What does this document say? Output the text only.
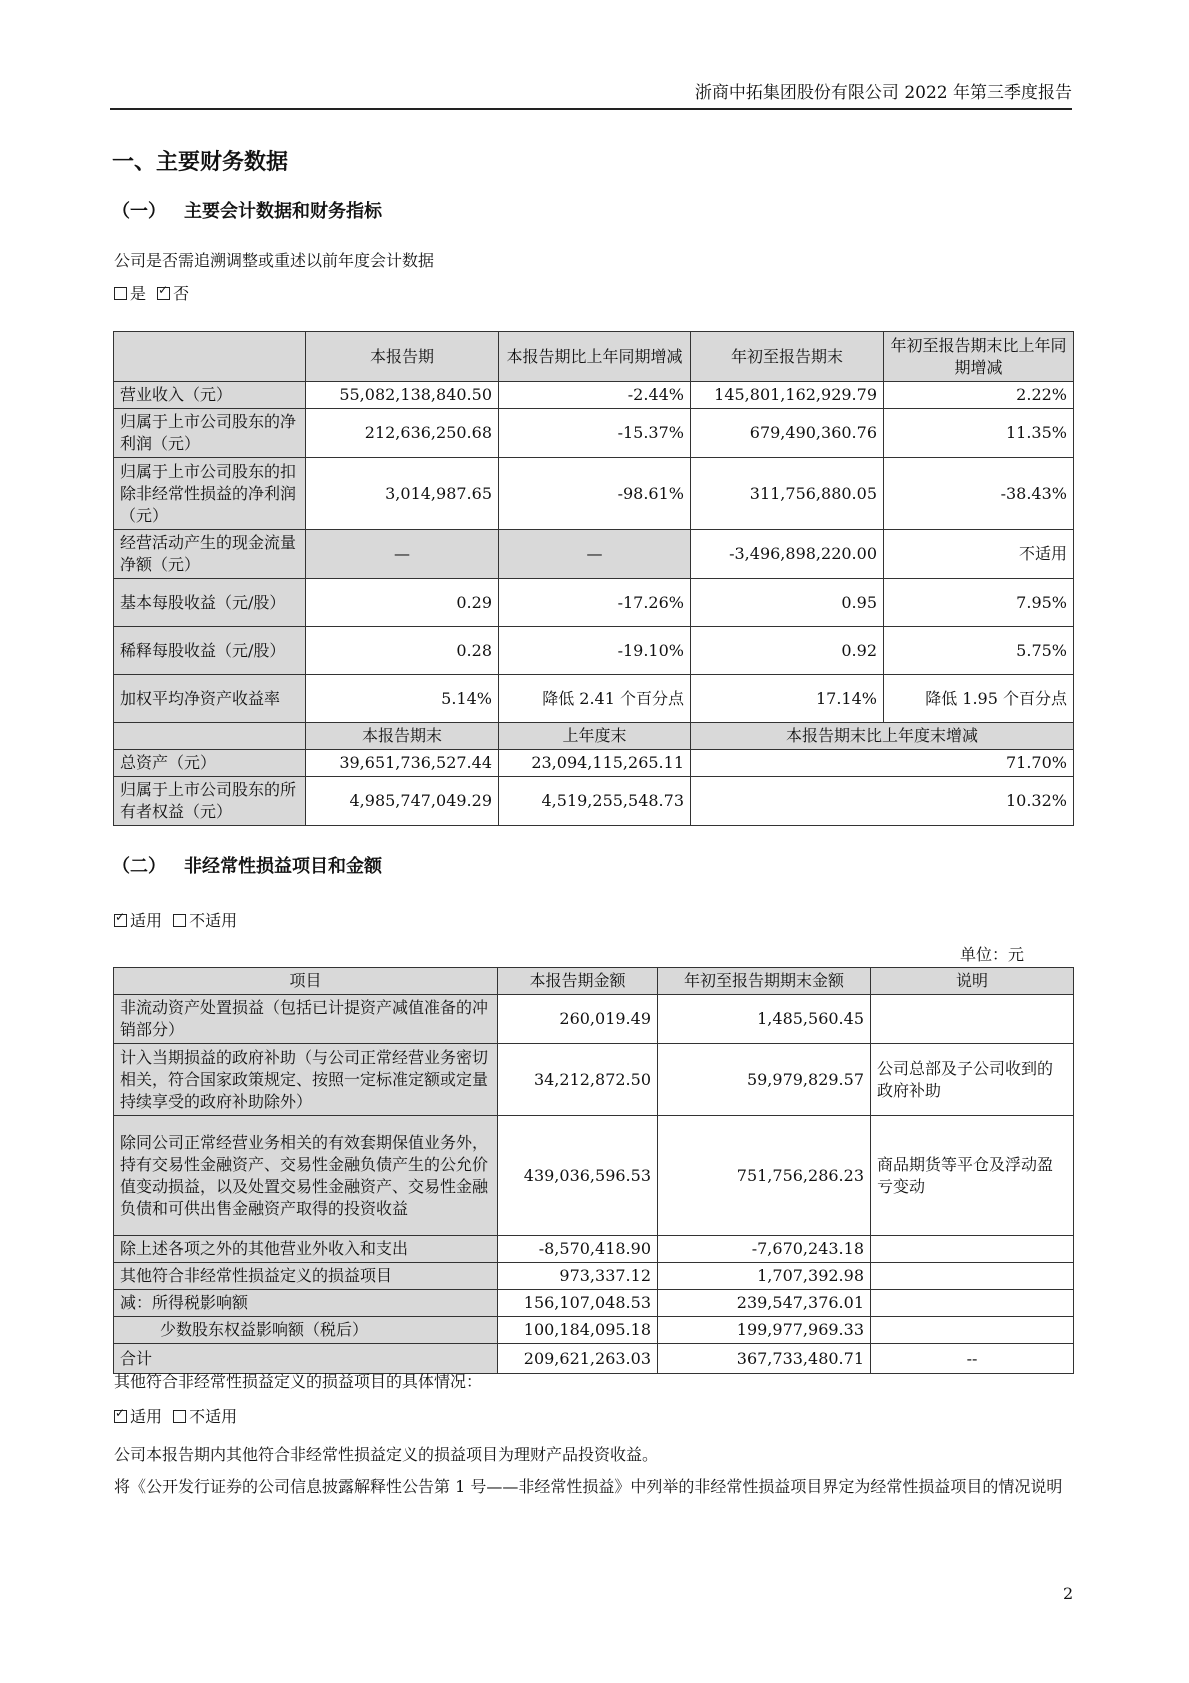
浙商中拓集团股份有限公司 2022 年第三季度报告
一、主要财务数据
（一） 主要会计数据和财务指标
公司是否需追溯调整或重述以前年度会计数据
是 ✓ 否
	本报告期	本报告期比上年同期增减	年初至报告期末	年初至报告期末比上年同期增减
营业收入（元）	55,082,138,840.50	-2.44%	145,801,162,929.79	2.22%
归属于上市公司股东的净利润（元）	212,636,250.68	-15.37%	679,490,360.76	11.35%
归属于上市公司股东的扣除非经常性损益的净利润（元）	3,014,987.65	-98.61%	311,756,880.05	-38.43%
经营活动产生的现金流量净额（元）	—	—	-3,496,898,220.00	不适用
基本每股收益（元/股）	0.29	-17.26%	0.95	7.95%
稀释每股收益（元/股）	0.28	-19.10%	0.92	5.75%
加权平均净资产收益率	5.14%	降低 2.41 个百分点	17.14%	降低 1.95 个百分点
	本报告期末	上年度末	本报告期末比上年度末增减	
总资产（元）	39,651,736,527.44	23,094,115,265.11	71.70%	
归属于上市公司股东的所有者权益（元）	4,985,747,049.29	4,519,255,548.73	10.32%	
（二） 非经常性损益项目和金额
✓适用 不适用
单位：元
项目	本报告期金额	年初至报告期期末金额	说明
非流动资产处置损益（包括已计提资产减值准备的冲销部分）	260,019.49	1,485,560.45	
计入当期损益的政府补助（与公司正常经营业务密切相关，符合国家政策规定、按照一定标准定额或定量持续享受的政府补助除外）	34,212,872.50	59,979,829.57	公司总部及子公司收到的政府补助
除同公司正常经营业务相关的有效套期保值业务外，持有交易性金融资产、交易性金融负债产生的公允价值变动损益，以及处置交易性金融资产、交易性金融负债和可供出售金融资产取得的投资收益	439,036,596.53	751,756,286.23	商品期货等平仓及浮动盈亏变动
除上述各项之外的其他营业外收入和支出	-8,570,418.90	-7,670,243.18	
其他符合非经常性损益定义的损益项目	973,337.12	1,707,392.98	
减：所得税影响额	156,107,048.53	239,547,376.01	
少数股东权益影响额（税后）	100,184,095.18	199,977,969.33	
合计	209,621,263.03	367,733,480.71	--
其他符合非经常性损益定义的损益项目的具体情况：
✓适用 不适用
公司本报告期内其他符合非经常性损益定义的损益项目为理财产品投资收益。
将《公开发行证券的公司信息披露解释性公告第 1 号——非经常性损益》中列举的非经常性损益项目界定为经常性损益项目的情况说明
2
